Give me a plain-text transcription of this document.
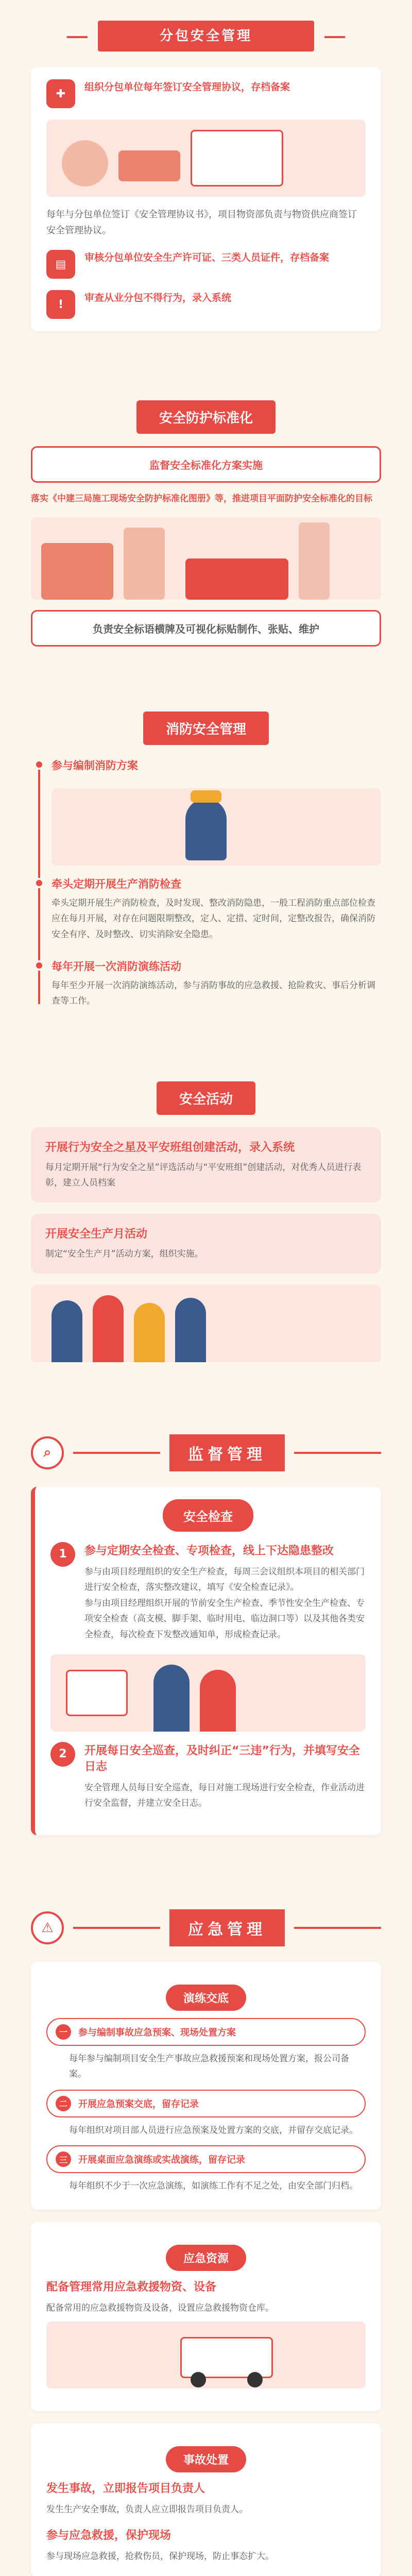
分包安全管理
✚
组织分包单位每年签订安全管理协议，存档备案
每年与分包单位签订《安全管理协议书》，项目物资部负责与物资供应商签订安全管理协议。
▤
审核分包单位安全生产许可证、三类人员证件，存档备案
!
审查从业分包不得行为，录入系统
安全防护标准化
监督安全标准化方案实施
落实《中建三局施工现场安全防护标准化图册》等，推进项目平面防护安全标准化的目标
负责安全标语横牌及可视化标贴制作、张贴、维护
消防安全管理
参与编制消防方案
牵头定期开展生产消防检查
牵头定期开展生产消防检查，及时发现、整改消防隐患，一般工程消防重点部位检查应在每月开展，对存在问题限期整改，定人、定措、定时间，定整改报告，确保消防安全有序、及时整改、切实消除安全隐患。
每年开展一次消防演练活动
每年至少开展一次消防演练活动，参与消防事故的应急救援、抢险救灾、事后分析调查等工作。
安全活动
开展行为安全之星及平安班组创建活动，录入系统
每月定期开展“行为安全之星”评选活动与“平安班组”创建活动，对优秀人员进行表彰，建立人员档案
开展安全生产月活动
制定“安全生产月”活动方案，组织实施。
⌕	监督管理
安全检查
1	参与定期安全检查、专项检查，线上下达隐患整改
参与由项目经理组织的安全生产检查，每周三会议组织本项目的相关部门进行安全检查，落实整改建议，填写《安全检查记录》。
参与由项目经理组织开展的节前安全生产检查、季节性安全生产检查、专项安全检查（高支模、脚手架、临时用电、临边洞口等）以及其他各类安全检查，每次检查下发整改通知单，形成检查记录。
2	开展每日安全巡查，及时纠正“三违”行为，并填写安全日志
安全管理人员每日安全巡查，每日对施工现场进行安全检查，作业活动进行安全监督，并建立安全日志。
⚠	应急管理
演练交底
一	参与编制事故应急预案、现场处置方案
每年参与编制项目安全生产事故应急救援预案和现场处置方案，报公司备案。
二	开展应急预案交底，留存记录
每年组织对项目部人员进行应急预案及处置方案的交底，并留存交底记录。
三	开展桌面应急演练或实战演练，留存记录
每年组织不少于一次应急演练，如演练工作有不足之处，由安全部门归档。
应急资源
配备管理常用应急救援物资、设备
配备常用的应急救援物资及设备，设置应急救援物资仓库。
事故处置
发生事故，立即报告项目负责人
发生生产安全事故，负责人应立即报告项目负责人。
参与应急救援，保护现场
参与现场应急救援，抢救伤员，保护现场，防止事态扩大。
